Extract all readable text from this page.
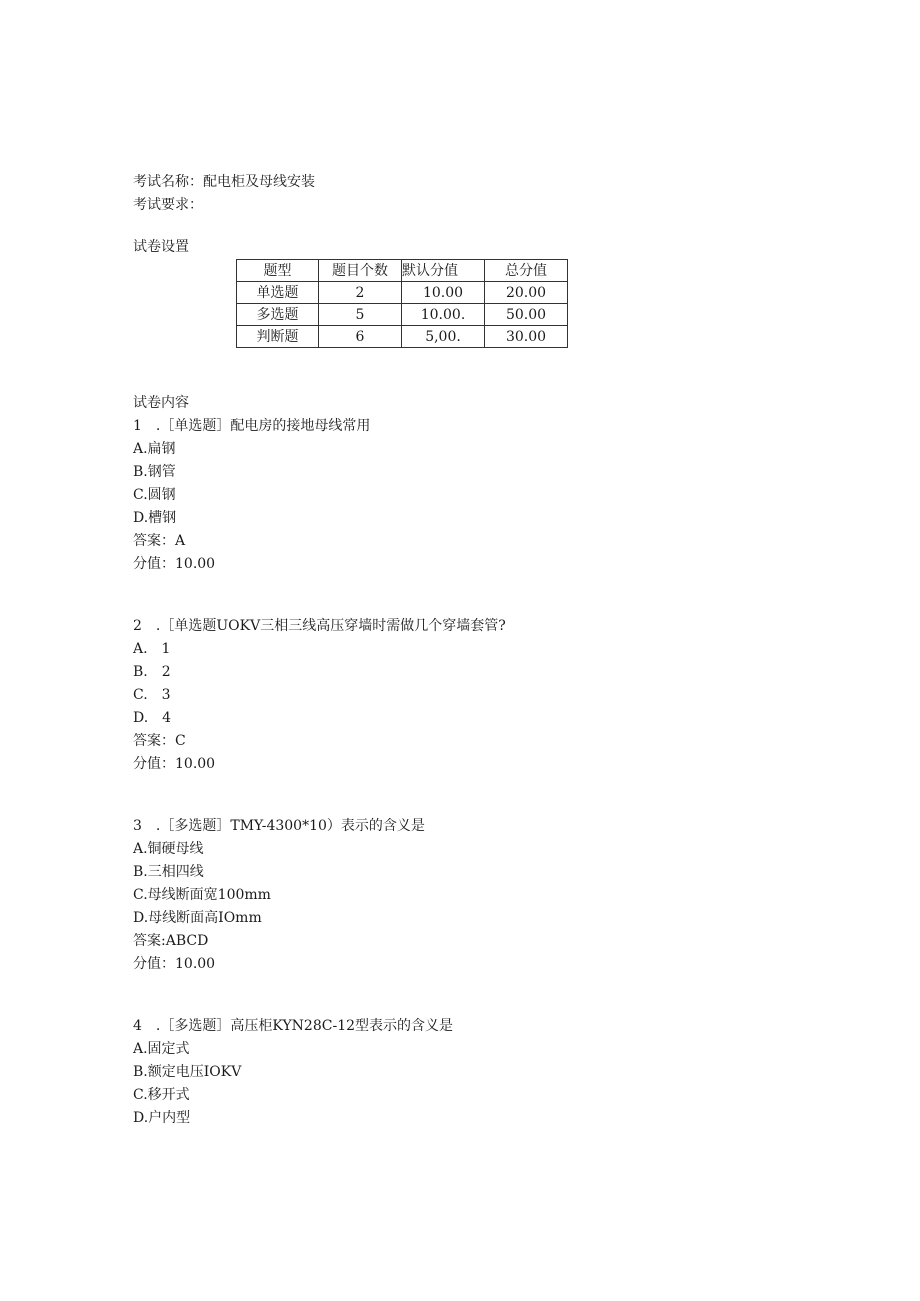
考试名称：配电柜及母线安装
考试要求：
试卷设置
题型	题目个数	默认分值	总分值
单选题	2	10.00	20.00
多选题	5	10.00.	50.00
判断题	6	5,00.	30.00
试卷内容
1　.［单选题］配电房的接地母线常用
A.扁钢
B.钢管
C.圆钢
D.槽钢
答案：A
分值：10.00
2　.［单选题UOKV三相三线高压穿墙时需做几个穿墙套管?
A.　1
B.　2
C.　3
D.　4
答案：C
分值：10.00
3　.［多选题］TMY-4300*10）表示的含义是
A.铜硬母线
B.三相四线
C.母线断面宽100mm
D.母线断面高IOmm
答案:ABCD
分值：10.00
4　.［多选题］高压柜KYN28C-12型表示的含义是
A.固定式
B.额定电压IOKV
C.移开式
D.户内型
